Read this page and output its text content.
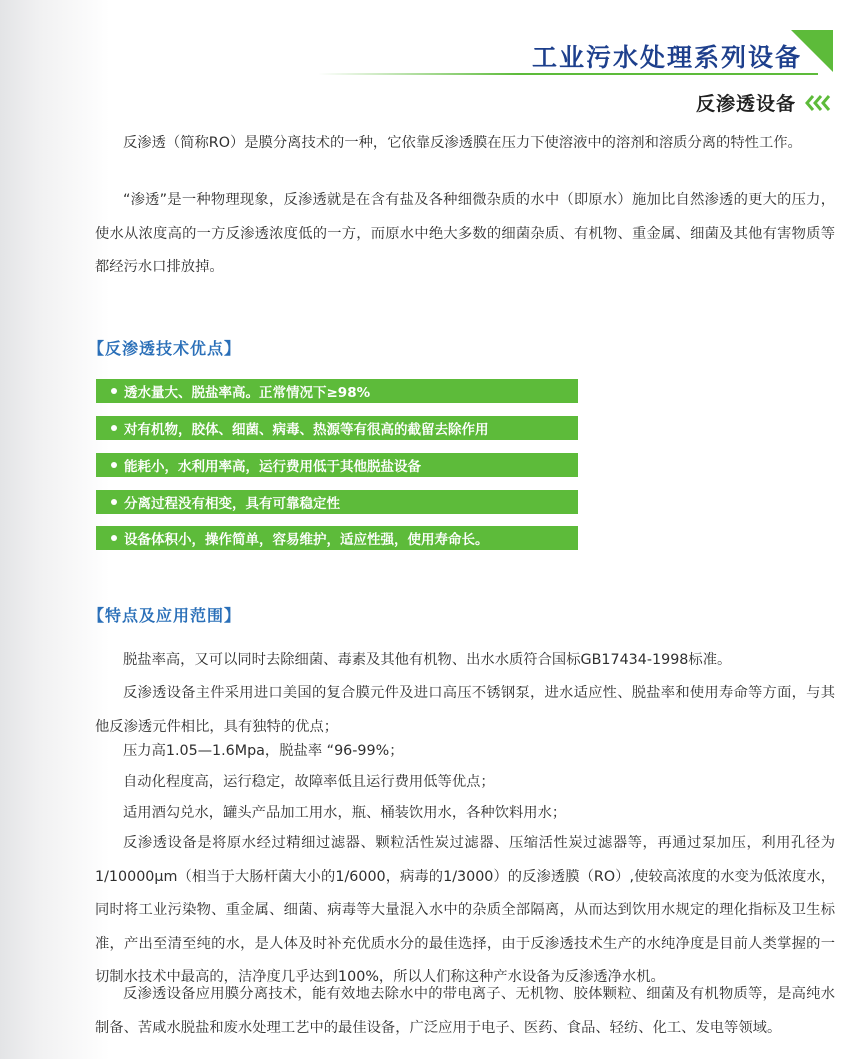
工业污水处理系列设备
反渗透设备

反渗透（简称RO）是膜分离技术的一种，它依靠反渗透膜在压力下使溶液中的溶剂和溶质分离的特性工作。

“渗透”是一种物理现象，反渗透就是在含有盐及各种细微杂质的水中（即原水）施加比自然渗透的更大的压力，使水从浓度高的一方反渗透浓度低的一方，而原水中绝大多数的细菌杂质、有机物、重金属、细菌及其他有害物质等都经污水口排放掉。

【反渗透技术优点】
透水量大、脱盐率高。正常情况下≥98%
对有机物，胶体、细菌、病毒、热源等有很高的截留去除作用
能耗小，水利用率高，运行费用低于其他脱盐设备
分离过程没有相变，具有可靠稳定性
设备体积小，操作简单，容易维护，适应性强，使用寿命长。
【特点及应用范围】

脱盐率高，又可以同时去除细菌、毒素及其他有机物、出水水质符合国标GB17434-1998标准。

反渗透设备主件采用进口美国的复合膜元件及进口高压不锈钢泵，进水适应性、脱盐率和使用寿命等方面，与其他反渗透元件相比，具有独特的优点；

压力高1.05—1.6Mpa，脱盐率 “96-99%；

自动化程度高，运行稳定，故障率低且运行费用低等优点；

适用酒勾兑水，罐头产品加工用水，瓶、桶装饮用水，各种饮料用水；

反渗透设备是将原水经过精细过滤器、颗粒活性炭过滤器、压缩活性炭过滤器等，再通过泵加压，利用孔径为1/10000μm（相当于大肠杆菌大小的1/6000，病毒的1/3000）的反渗透膜（RO）,使较高浓度的水变为低浓度水，同时将工业污染物、重金属、细菌、病毒等大量混入水中的杂质全部隔离，从而达到饮用水规定的理化指标及卫生标准，产出至清至纯的水，是人体及时补充优质水分的最佳选择，由于反渗透技术生产的水纯净度是目前人类掌握的一切制水技术中最高的，洁净度几乎达到100%，所以人们称这种产水设备为反渗透净水机。

反渗透设备应用膜分离技术，能有效地去除水中的带电离子、无机物、胶体颗粒、细菌及有机物质等，是高纯水制备、苦咸水脱盐和废水处理工艺中的最佳设备，广泛应用于电子、医药、食品、轻纺、化工、发电等领域。
